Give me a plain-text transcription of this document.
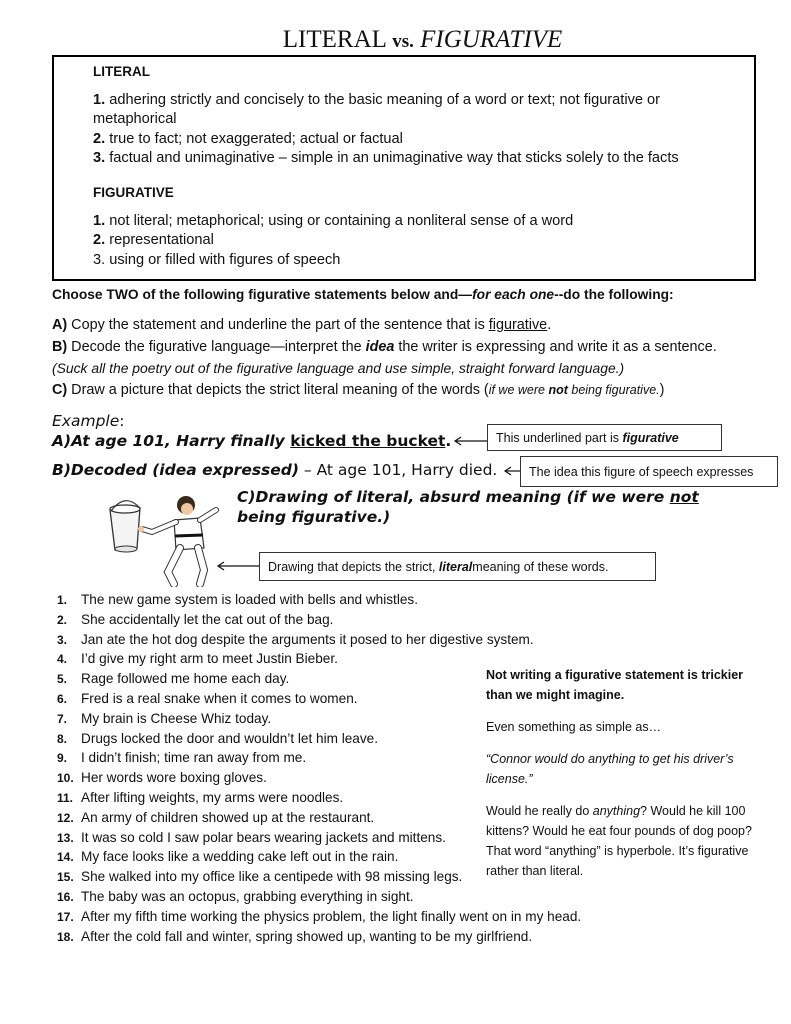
LITERAL vs. FIGURATIVE
LITERAL
1. adhering strictly and concisely to the basic meaning of a word or text; not figurative or
metaphorical
2. true to fact; not exaggerated; actual or factual
3. factual and unimaginative – simple in an unimaginative way that sticks solely to the facts
FIGURATIVE
1. not literal; metaphorical; using or containing a nonliteral sense of a word
2. representational
3. using or filled with figures of speech
Choose TWO of the following figurative statements below and—for each one--do the following:
A) Copy the statement and underline the part of the sentence that is figurative.
B) Decode the figurative language—interpret the idea the writer is expressing and write it as a sentence.
(Suck all the poetry out of the figurative language and use simple, straight forward language.)
C) Draw a picture that depicts the strict literal meaning of the words (if we were not being figurative.)
Example:
A)At age 101, Harry finally kicked the bucket.
B)Decoded (idea expressed) – At age 101, Harry died.
C)Drawing of literal, absurd meaning (if we were not
being figurative.)
This underlined part is
figurative
The idea this figure of speech expresses
Drawing that depicts the strict,
literal meaning of these words.
1. The new game system is loaded with bells and whistles.
2. She accidentally let the cat out of the bag.
3. Jan ate the hot dog despite the arguments it posed to her digestive system.
4. I’d give my right arm to meet Justin Bieber.
5. Rage followed me home each day.
6. Fred is a real snake when it comes to women.
7. My brain is Cheese Whiz today.
8. Drugs locked the door and wouldn’t let him leave.
9. I didn’t finish; time ran away from me.
10. Her words wore boxing gloves.
11. After lifting weights, my arms were noodles.
12. An army of children showed up at the restaurant.
13. It was so cold I saw polar bears wearing jackets and mittens.
14. My face looks like a wedding cake left out in the rain.
15. She walked into my office like a centipede with 98 missing legs.
16. The baby was an octopus, grabbing everything in sight.
17. After my fifth time working the physics problem, the light finally went on in my head.
18. After the cold fall and winter, spring showed up, wanting to be my girlfriend.

Not writing a figurative statement is trickier than we might imagine.

Even something as simple as…

“Connor would do anything to get his driver’s license.”

Would he really do anything? Would he kill 100 kittens? Would he eat four pounds of dog poop? That word “anything” is hyperbole. It’s figurative rather than literal.
